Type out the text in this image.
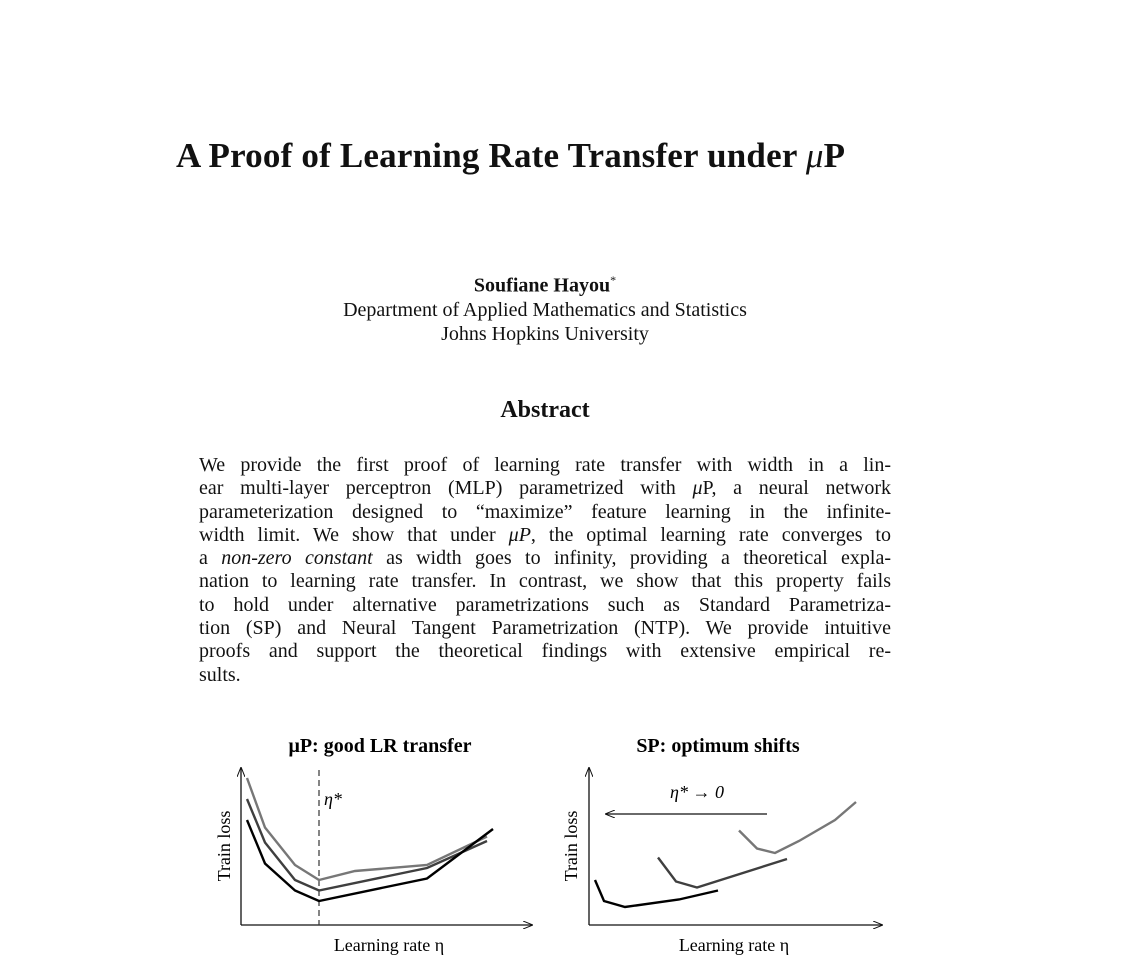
A Proof of Learning Rate Transfer under μP
Soufiane Hayou*
Department of Applied Mathematics and Statistics
Johns Hopkins University
Abstract
We provide the first proof of learning rate transfer with width in a lin-
ear multi-layer perceptron (MLP) parametrized with μP, a neural network
parameterization designed to “maximize” feature learning in the infinite-
width limit. We show that under μP, the optimal learning rate converges to
a non-zero constant as width goes to infinity, providing a theoretical expla-
nation to learning rate transfer. In contrast, we show that this property fails
to hold under alternative parametrizations such as Standard Parametriza-
tion (SP) and Neural Tangent Parametrization (NTP). We provide intuitive
proofs and support the theoretical findings with extensive empirical re-
sults.
μP: good LR transfer
Train loss
Learning rate η
η*
SP: optimum shifts
Train loss
Learning rate η
η* → 0
